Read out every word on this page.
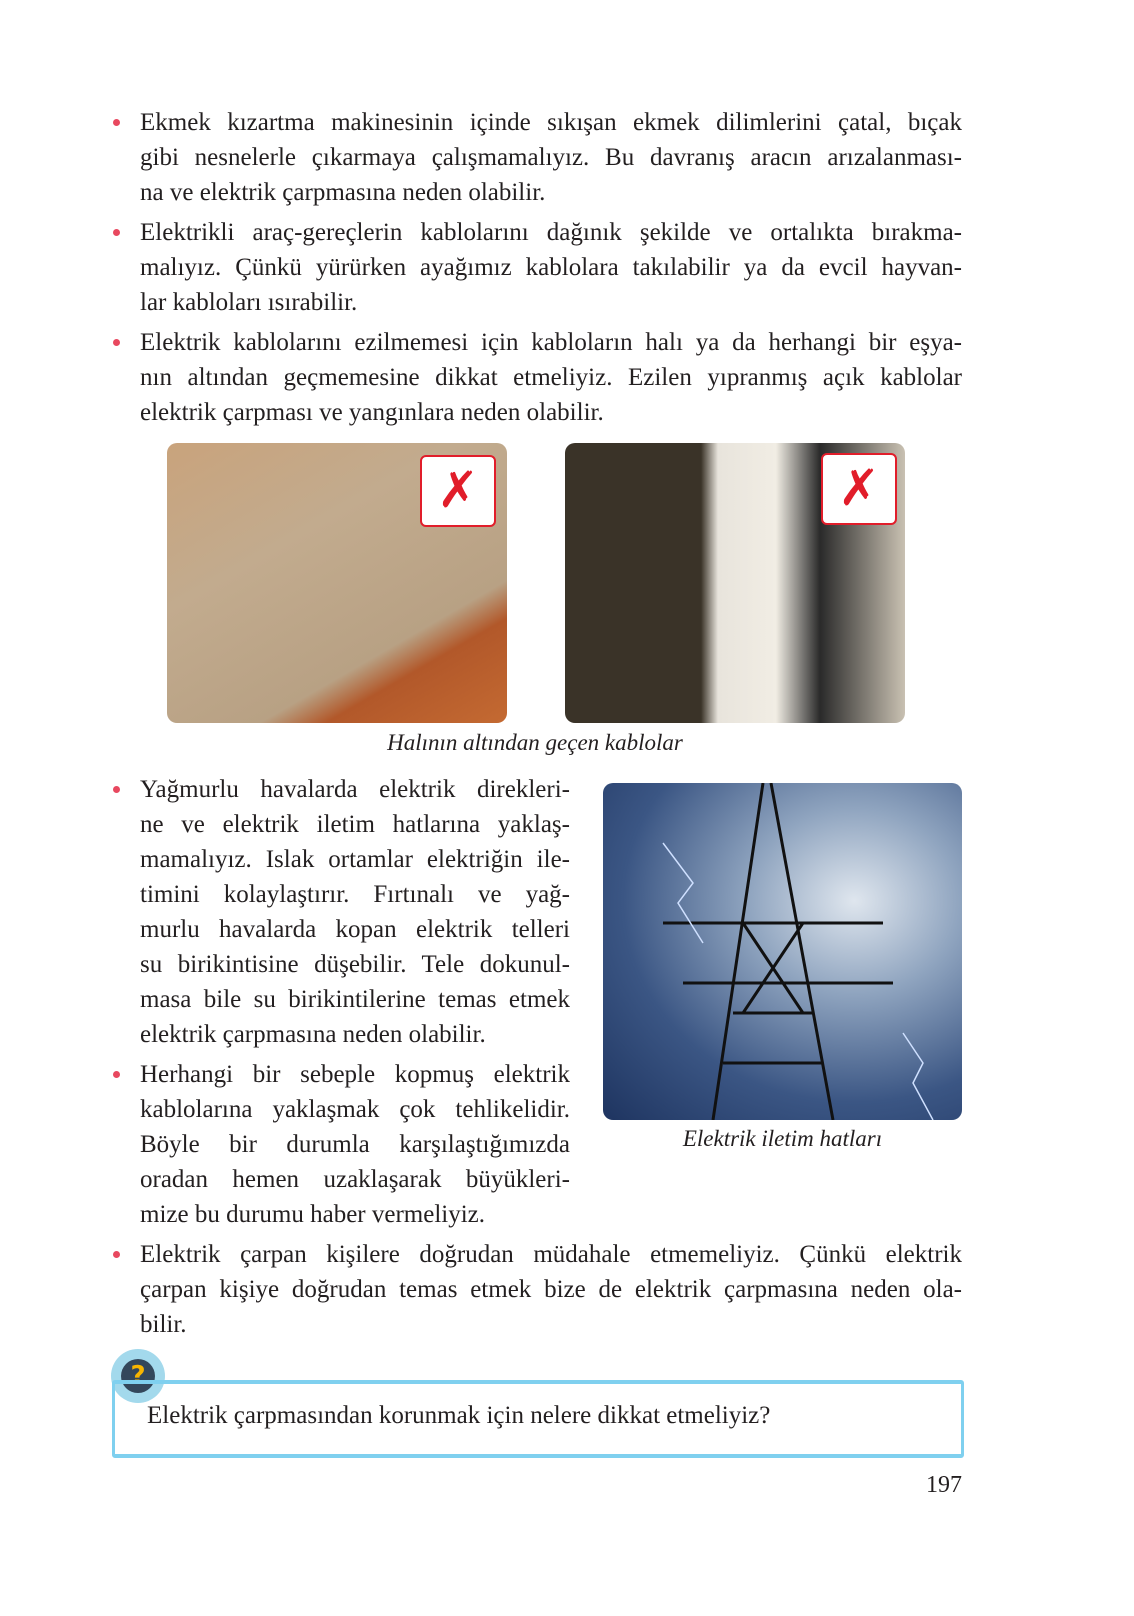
Ekmek kızartma makinesinin içinde sıkışan ekmek dilimlerini çatal, bıçak
gibi nesnelerle çıkarmaya çalışmamalıyız. Bu davranış aracın arızalanması-
na ve elektrik çarpmasına neden olabilir.
Elektrikli araç-gereçlerin kablolarını dağınık şekilde ve ortalıkta bırakma-
malıyız. Çünkü yürürken ayağımız kablolara takılabilir ya da evcil hayvan-
lar kabloları ısırabilir.
Elektrik kablolarını ezilmemesi için kabloların halı ya da herhangi bir eşya-
nın altından geçmemesine dikkat etmeliyiz. Ezilen yıpranmış açık kablolar
elektrik çarpması ve yangınlara neden olabilir.
Yağmurlu havalarda elektrik direkleri-
ne ve elektrik iletim hatlarına yaklaş-
mamalıyız. Islak ortamlar elektriğin ile-
timini kolaylaştırır. Fırtınalı ve yağ-
murlu havalarda kopan elektrik telleri
su birikintisine düşebilir. Tele dokunul-
masa bile su birikintilerine temas etmek
elektrik çarpmasına neden olabilir.
Herhangi bir sebeple kopmuş elektrik
kablolarına yaklaşmak çok tehlikelidir.
Böyle bir durumla karşılaştığımızda
oradan hemen uzaklaşarak büyükleri-
mize bu durumu haber vermeliyiz.
Elektrik çarpan kişilere doğrudan müdahale etmemeliyiz. Çünkü elektrik
çarpan kişiye doğrudan temas etmek bize de elektrik çarpmasına neden ola-
bilir.
✗	✗
Halının altından geçen kablolar
Elektrik iletim hatları
?
Elektrik çarpmasından korunmak için nelere dikkat etmeliyiz?
197
